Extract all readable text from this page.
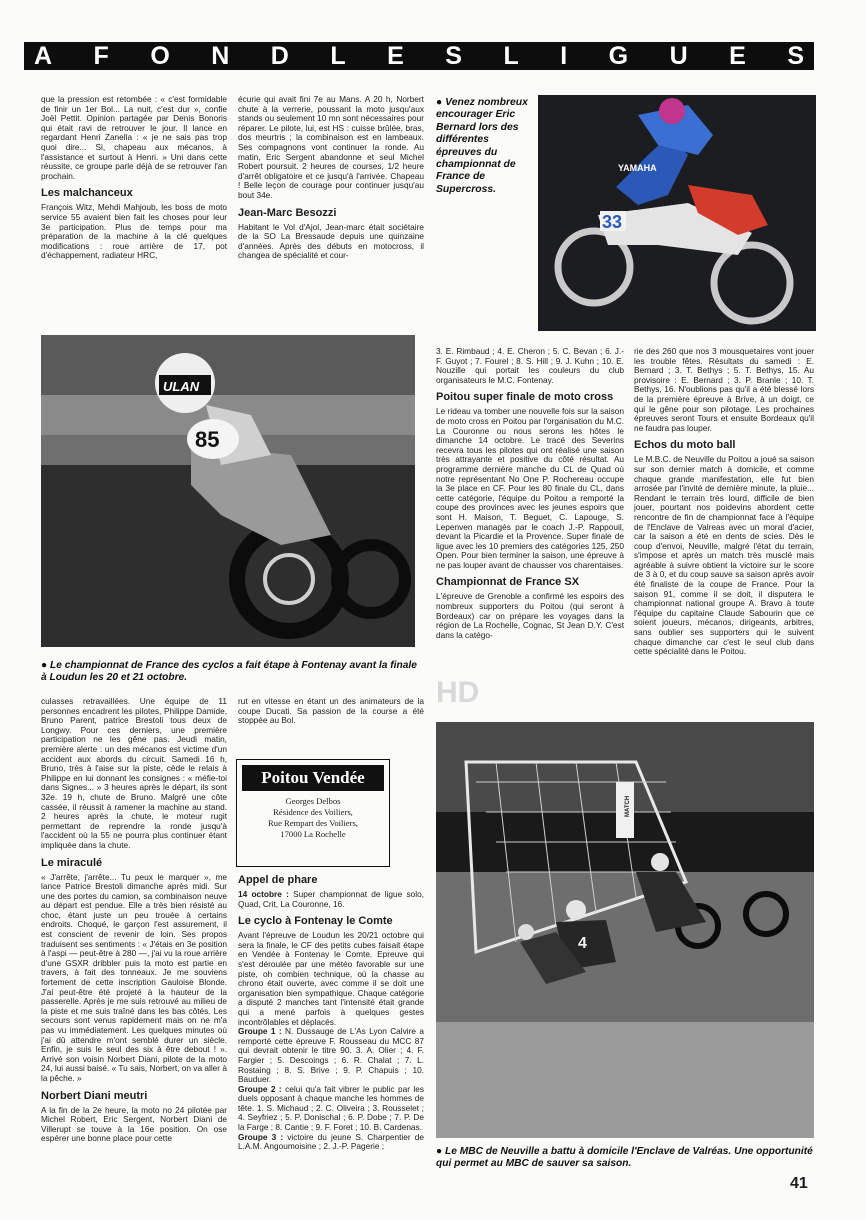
A F O N D L E S L I G U E S

que la pression est retombée : « c'est formidable de finir un 1er Bol... La nuit, c'est dur », confie Joël Pettit. Opinion partagée par Denis Bonoris qui était ravi de retrouver le jour. Il lance en regardant Henri Zanella : « je ne sais pas trop quoi dire... Si, chapeau aux mécanos, à l'assistance et surtout à Henri. » Uni dans cette réussite, ce groupe parle déjà de se retrouver l'an prochain.

Les malchanceux

François Witz, Mehdi Mahjoub, les boss de moto service 55 avaient bien fait les choses pour leur 3e participation. Plus de temps pour ma préparation de la machine à la clé quelques modifications : roue arrière de 17, pot d'échappement, radiateur HRC,

écurie qui avait fini 7e au Mans. A 20 h, Norbert chute à la verrerie, poussant la moto jusqu'aux stands ou seulement 10 mn sont nécessaires pour réparer. Le pilote, lui, est HS : cuisse brûlée, bras, dos meurtris ; la combinaison est en lambeaux. Ses compagnons vont continuer la ronde. Au matin, Eric Sergent abandonne et seul Michel Robert poursuit. 2 heures de courses, 1/2 heure d'arrêt obligatoire et ce jusqu'à l'arrivée. Chapeau ! Belle leçon de courage pour continuer jusqu'au bout 34e.

Jean-Marc Besozzi

Habitant le Vol d'Ajol, Jean-marc était sociétaire de la SO La Bressaude depuis une quinzaine d'années. Après des débuts en motocross, il changea de spécialité et cour-

● Venez nombreux encourager Eric Bernard lors des différentes épreuves du championnat de France de Supercross.
33
YAMAHA
ULAN
85
● Le championnat de France des cyclos a fait étape à Fontenay avant la finale à Loudun les 20 et 21 octobre.

3. E. Rimbaud ; 4. E. Cheron ; 5. C. Bevan ; 6. J.-F. Guyot ; 7. Fourel ; 8. S. Hill ; 9. J. Kuhn ; 10. E. Nouzille qui portait les couleurs du club organisateurs le M.C. Fontenay.

Poitou super finale de moto cross

Le rideau va tomber une nouvelle fois sur la saison de moto cross en Poitou par l'organisation du M.C. La Couronne ou nous serons les hôtes le dimanche 14 octobre. Le tracé des Severins recevra tous les pilotes qui ont réalisé une saison très attrayante et positive du côté résultat. Au programme dernière manche du CL de Quad où notre représentant No One P. Rochereau occupe la 3e place en CF. Pour les 80 finale du CL, dans cette catégorie, l'équipe du Poitou a remporté la coupe des provinces avec les jeunes espoirs que sont H. Maison, T. Beguet, C. Lapouge, S. Lepenven managés par le coach J.-P. Rappouil, devant la Picardie et la Provence. Super finale de ligue avec les 10 premiers des catégories 125, 250 Open. Pour bien terminer la saison, une épreuve à ne pas louper avant de chausser vos charentaises.

Championnat de France SX

L'épreuve de Grenoble a confirmé les espoirs des nombreux supporters du Poitou (qui seront à Bordeaux) car on prépare les voyages dans la région de La Rochelle, Cognac, St Jean D.Y. C'est dans la catégo-

rie des 260 que nos 3 mousquetaires vont jouer les trouble fêtes. Résultats du samedi : E. Bernard ; 3. T. Bethys ; 5. T. Bethys, 15. Au provisoire : E. Bernard ; 3. P. Branle ; 10. T. Bethys, 16. N'oublions pas qu'il a été blessé lors de la première épreuve à Brive, à un doigt, ce qui le gêne pour son pilotage. Les prochaines épreuves seront Tours et ensuite Bordeaux qu'il ne faudra pas louper.

Echos du moto ball

Le M.B.C. de Neuville du Poitou a joué sa saison sur son dernier match à domicile, et comme chaque grande manifestation, elle fut bien arrosée par l'invité de dernière minute, la pluie... Rendant le terrain très lourd, difficile de bien jouer, pourtant nos poidevins abordent cette rencontre de fin de championnat face à l'équipe de l'Enclave de Valreas avec un moral d'acier, car la saison a été en dents de scies. Dès le coup d'envoi, Neuville, malgré l'état du terrain, s'impose et après un match très musclé mais agréable à suivre obtient la victoire sur le score de 3 à 0, et du coup sauve sa saison après avoir été finaliste de la coupe de France. Pour la saison 91, comme il se doit, il disputera le championnat national groupe A. Bravo à toute l'équipe du capitaine Claude Sabourin que ce soient joueurs, mécanos, dirigeants, arbitres, sans oublier ses supporters qui le suivent chaque dimanche car c'est le seul club dans cette spécialité dans le Poitou.

HD

culasses retravaillées. Une équipe de 11 personnes encadrent les pilotes, Philippe Damide, Bruno Parent, patrice Brestoli tous deux de Longwy. Pour ces derniers, une première participation ne les gêne pas. Jeudi matin, première alerte : un des mécanos est victime d'un accident aux abords du circuit. Samedi 16 h, Bruno, très à l'aise sur la piste, cède le relais à Philippe en lui donnant les consignes : « méfie-toi dans Signes... » 3 heures après le départ, ils sont 32e. 19 h, chute de Bruno. Malgré une côte cassée, il réussit à ramener la machine au stand. 2 heures après la chute, le moteur rugit permettant de reprendre la ronde jusqu'à l'accident où la 55 ne pourra plus continuer étant impliquée dans la chute.

Le miraculé

« J'arrête, j'arrête... Tu peux le marquer », me lance Patrice Brestoli dimanche après midi. Sur une des portes du camion, sa combinaison neuve au départ est pendue. Elle a très bien résisté au choc, étant juste un peu trouée à certains endroits. Choqué, le garçon l'est assurement, il est conscient de revenir de loin. Ses propos traduisent ses sentiments : « J'étais en 3e position à l'aspi — peut-être à 280 —, j'ai vu la roue arrière d'une GSXR dribbler puis la moto est partie en travers, à fait des tonneaux. Je me souviens fortement de cette inscription Gauloise Blonde. J'ai peut-être été projeté à la hauteur de la passerelle. Après je me suis retrouvé au milieu de la piste et me suis traîné dans les bas côtés. Les secours sont venus rapidement mais on ne m'a pas vu immédiatement. Les quelques minutes où j'ai dû attendre m'ont semblé durer un siècle. Enfin, je suis le seul des six à être debout ! ». Arrivé son voisin Norbert Diani, pilote de la moto 24, lui aussi baisé. « Tu sais, Norbert, on va aller à la pêche. »

Norbert Diani meutri

A la fin de la 2e heure, la moto no 24 pilotée par Michel Robert, Eric Sergent, Norbert Diani de Villerupt se touve à la 16e position. On ose espérer une bonne place pour cette

rut en vitesse en étant un des animateurs de la coupe Ducati. Sa passion de la course a été stoppée au Bol.

Poitou Vendée
Georges Delbos
Résidence des Voiliers,
Rue Rempart des Voiliers,
17000 La Rochelle
Appel de phare

14 octobre : Super championnat de ligue solo, Quad, Crit, La Couronne, 16.

Le cyclo à Fontenay le Comte

Avant l'épreuve de Loudun les 20/21 octobre qui sera la finale, le CF des petits cubes faisait étape en Vendée à Fontenay le Comte. Epreuve qui s'est déroulée par une météo favorable sur une piste, oh combien technique, où la chasse au chrono était ouverte, avec comme il se doit une organisation bien sympathique. Chaque catégorie a disputé 2 manches tant l'intensité était grande qui a mené parfois à quelques gestes incontrôlables et déplacés.

Groupe 1 : N. Dussauge de L'As Lyon Calvire a remporté cette épreuve F. Rousseau du MCC 87 qui devrait obtenir le titre 90. 3. A. Olier ; 4. F. Fargier ; 5. Descoings ; 6. R. Chalat ; 7. L. Rostaing ; 8. S. Brive ; 9. P. Chapuis ; 10. Bauduer.

Groupe 2 : celui qu'a fait vibrer le public par les duels opposant à chaque manche les hommes de tête. 1. S. Michaud ; 2. C. Oliveira ; 3. Rousselet ; 4. Seyfriez ; 5. P. Donischal ; 6. P. Dobe ; 7. P. De la Farge ; 8. Cantie ; 9. F. Foret ; 10. B. Cardenas.

Groupe 3 : victoire du jeune S. Charpentier de L.A.M. Angoumoisine ; 2. J.-P. Pagerie ;

MATCH
4
● Le MBC de Neuville a battu à domicile l'Enclave de Valréas. Une opportunité qui permet au MBC de sauver sa saison.
41
